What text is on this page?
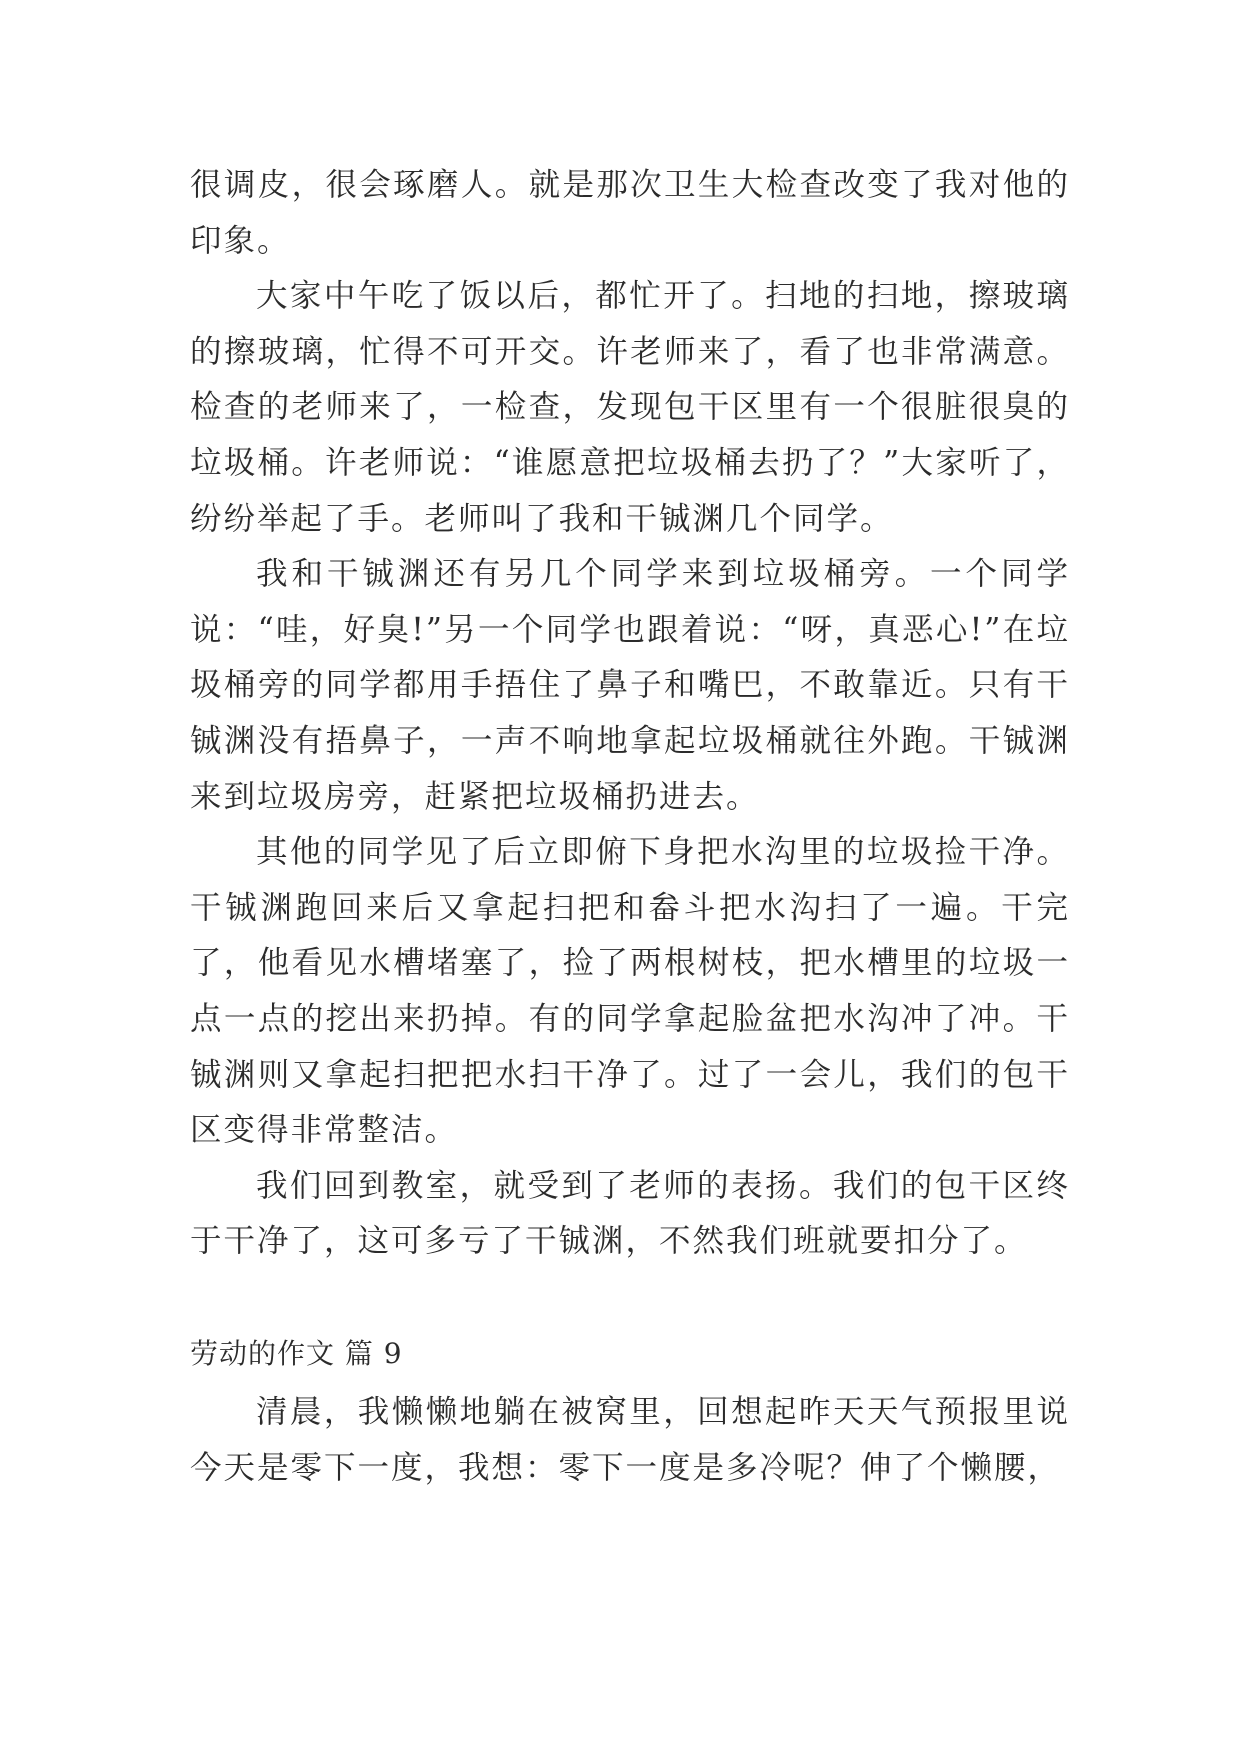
很调皮，很会琢磨人。就是那次卫生大检查改变了我对他的印象。

大家中午吃了饭以后，都忙开了。扫地的扫地，擦玻璃的擦玻璃，忙得不可开交。许老师来了，看了也非常满意。检查的老师来了，一检查，发现包干区里有一个很脏很臭的垃圾桶。许老师说：“谁愿意把垃圾桶去扔了？”大家听了，纷纷举起了手。老师叫了我和干铖渊几个同学。

我和干铖渊还有另几个同学来到垃圾桶旁。一个同学说：“哇，好臭!”另一个同学也跟着说：“呀，真恶心!”在垃圾桶旁的同学都用手捂住了鼻子和嘴巴，不敢靠近。只有干铖渊没有捂鼻子，一声不响地拿起垃圾桶就往外跑。干铖渊来到垃圾房旁，赶紧把垃圾桶扔进去。

其他的同学见了后立即俯下身把水沟里的垃圾捡干净。干铖渊跑回来后又拿起扫把和畚斗把水沟扫了一遍。干完了，他看见水槽堵塞了，捡了两根树枝，把水槽里的垃圾一点一点的挖出来扔掉。有的同学拿起脸盆把水沟冲了冲。干铖渊则又拿起扫把把水扫干净了。过了一会儿，我们的包干区变得非常整洁。

我们回到教室，就受到了老师的表扬。我们的包干区终于干净了，这可多亏了干铖渊，不然我们班就要扣分了。

劳动的作文 篇 9

清晨，我懒懒地躺在被窝里，回想起昨天天气预报里说今天是零下一度，我想：零下一度是多冷呢？伸了个懒腰，
